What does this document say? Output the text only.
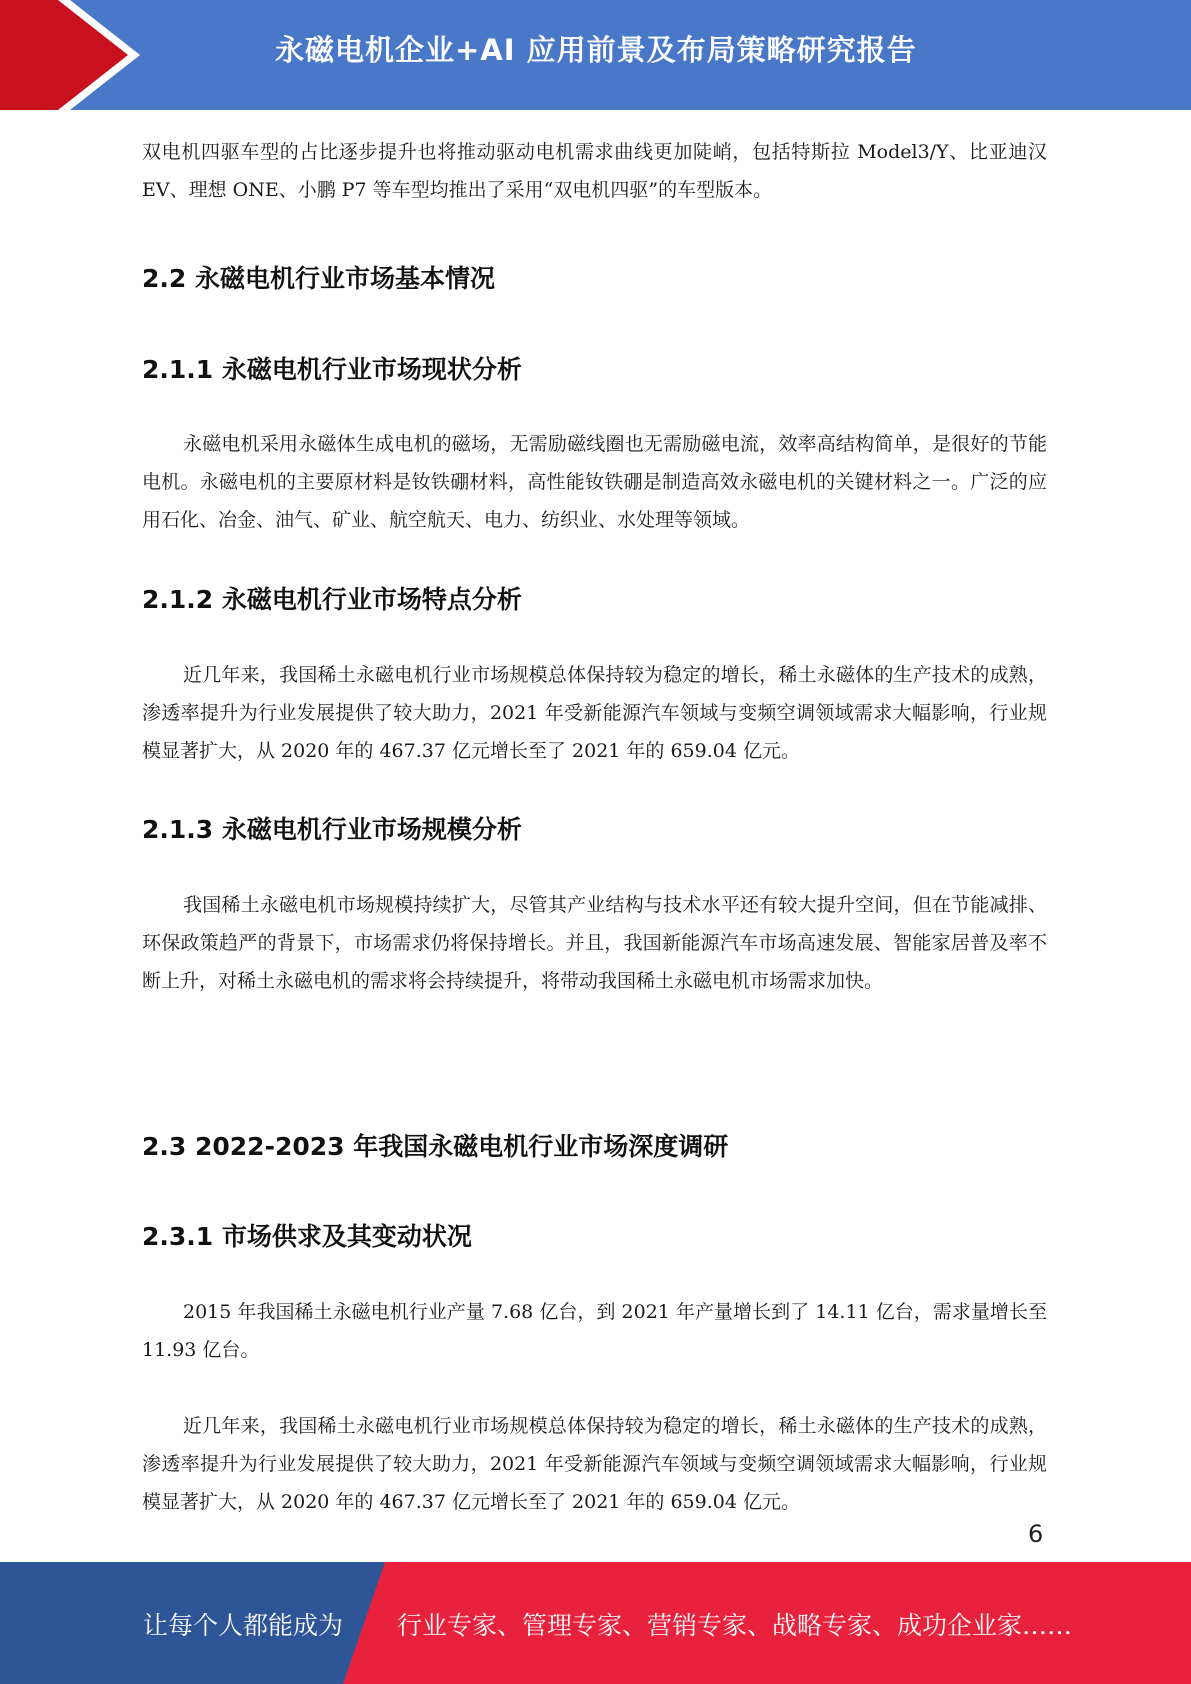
永磁电机企业+AI 应用前景及布局策略研究报告

双电机四驱车型的占比逐步提升也将推动驱动电机需求曲线更加陡峭，包括特斯拉 Model3/Y、比亚迪汉 EV、理想 ONE、小鹏 P7 等车型均推出了采用“双电机四驱”的车型版本。

2.2 永磁电机行业市场基本情况
2.1.1 永磁电机行业市场现状分析

永磁电机采用永磁体生成电机的磁场，无需励磁线圈也无需励磁电流，效率高结构简单，是很好的节能电机。永磁电机的主要原材料是钕铁硼材料，高性能钕铁硼是制造高效永磁电机的关键材料之一。广泛的应用石化、冶金、油气、矿业、航空航天、电力、纺织业、水处理等领域。

2.1.2 永磁电机行业市场特点分析

近几年来，我国稀土永磁电机行业市场规模总体保持较为稳定的增长，稀土永磁体的生产技术的成熟，渗透率提升为行业发展提供了较大助力，2021 年受新能源汽车领域与变频空调领域需求大幅影响，行业规模显著扩大，从 2020 年的 467.37 亿元增长至了 2021 年的 659.04 亿元。

2.1.3 永磁电机行业市场规模分析

我国稀土永磁电机市场规模持续扩大，尽管其产业结构与技术水平还有较大提升空间，但在节能减排、环保政策趋严的背景下，市场需求仍将保持增长。并且，我国新能源汽车市场高速发展、智能家居普及率不断上升，对稀土永磁电机的需求将会持续提升，将带动我国稀土永磁电机市场需求加快。

2.3 2022-2023 年我国永磁电机行业市场深度调研
2.3.1 市场供求及其变动状况

2015 年我国稀土永磁电机行业产量 7.68 亿台，到 2021 年产量增长到了 14.11 亿台，需求量增长至 11.93 亿台。

近几年来，我国稀土永磁电机行业市场规模总体保持较为稳定的增长，稀土永磁体的生产技术的成熟，渗透率提升为行业发展提供了较大助力，2021 年受新能源汽车领域与变频空调领域需求大幅影响，行业规模显著扩大，从 2020 年的 467.37 亿元增长至了 2021 年的 659.04 亿元。

6
让每个人都能成为 行业专家、管理专家、营销专家、战略专家、成功企业家……
